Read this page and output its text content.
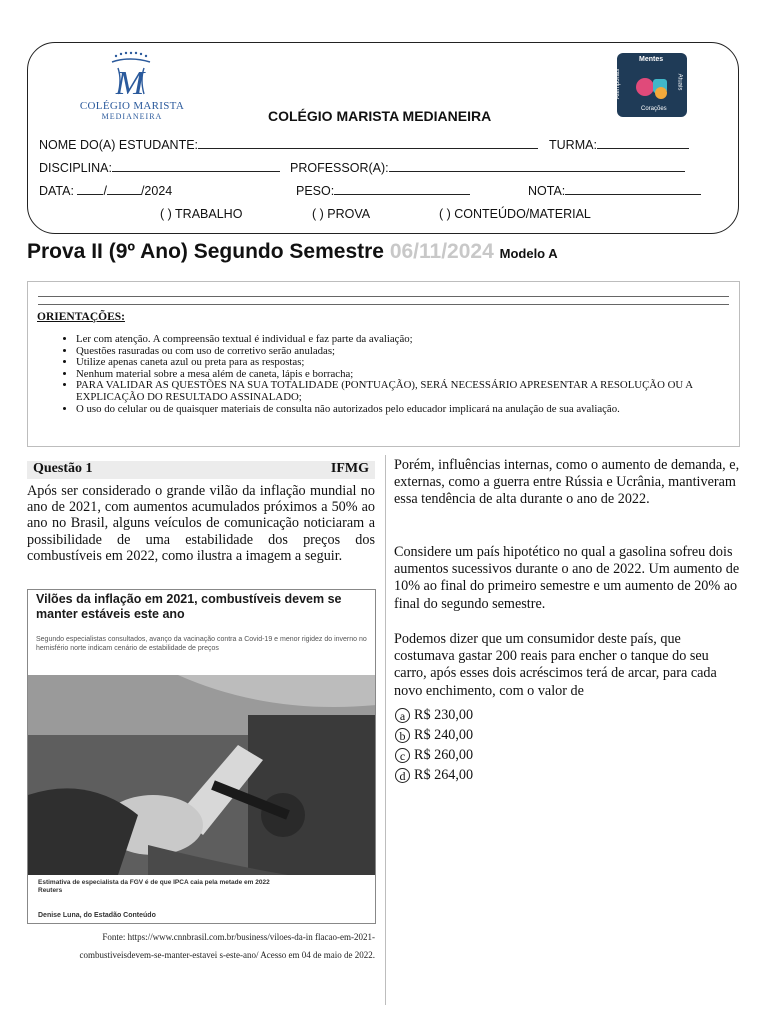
M
COLÉGIO MARISTA
MEDIANEIRA
Mentes
Atemporais
Corações
Atuais
COLÉGIO MARISTA MEDIANEIRA
NOME DO(A) ESTUDANTE:	TURMA:
DISCIPLINA:	PROFESSOR(A):
DATA: /	/2024	PESO:	NOTA:
( ) TRABALHO	( ) PROVA	( ) CONTEÚDO/MATERIAL
Prova II (9º Ano) Segundo Semestre 06/11/2024 Modelo A
ORIENTAÇÕES:
• Ler com atenção. A compreensão textual é individual e faz parte da avaliação;
• Questões rasuradas ou com uso de corretivo serão anuladas;
• Utilize apenas caneta azul ou preta para as respostas;
• Nenhum material sobre a mesa além de caneta, lápis e borracha;
• PARA VALIDAR AS QUESTÕES NA SUA TOTALIDADE (PONTUAÇÃO), SERÁ NECESSÁRIO APRESENTAR A RESOLUÇÃO OU A EXPLICAÇÃO DO RESULTADO ASSINALADO;
• O uso do celular ou de quaisquer materiais de consulta não autorizados pelo educador implicará na anulação de sua avaliação.
Questão 1	IFMG
Após ser considerado o grande vilão da inflação mundial no ano de 2021, com aumentos acumulados próximos a 50% ao ano no Brasil, alguns veículos de comunicação noticiaram a possibilidade de uma estabilidade dos preços dos combustíveis em 2022, como ilustra a imagem a seguir.
Vilões da inflação em 2021, combustíveis devem se manter estáveis este ano
Segundo especialistas consultados, avanço da vacinação contra a Covid-19 e menor rigidez do inverno no hemisfério norte indicam cenário de estabilidade de preços
Estimativa de especialista da FGV é de que IPCA caia pela metade em 2022
Reuters
Denise Luna, do Estadão Conteúdo
Fonte: https://www.cnnbrasil.com.br/business/viloes-da-in flacao-em-2021-
combustiveisdevem-se-manter-estavei s-este-ano/ Acesso em 04 de maio de 2022.
Porém, influências internas, como o aumento de demanda, e, externas, como a guerra entre Rússia e Ucrânia, mantiveram essa tendência de alta durante o ano de 2022.
Considere um país hipotético no qual a gasolina sofreu dois aumentos sucessivos durante o ano de 2022. Um aumento de 10% ao final do primeiro semestre e um aumento de 20% ao final do segundo semestre.
Podemos dizer que um consumidor deste país, que costumava gastar 200 reais para encher o tanque do seu carro, após esses dois acréscimos terá de arcar, para cada novo enchimento, com o valor de
a R$ 230,00
b R$ 240,00
c R$ 260,00
d R$ 264,00
